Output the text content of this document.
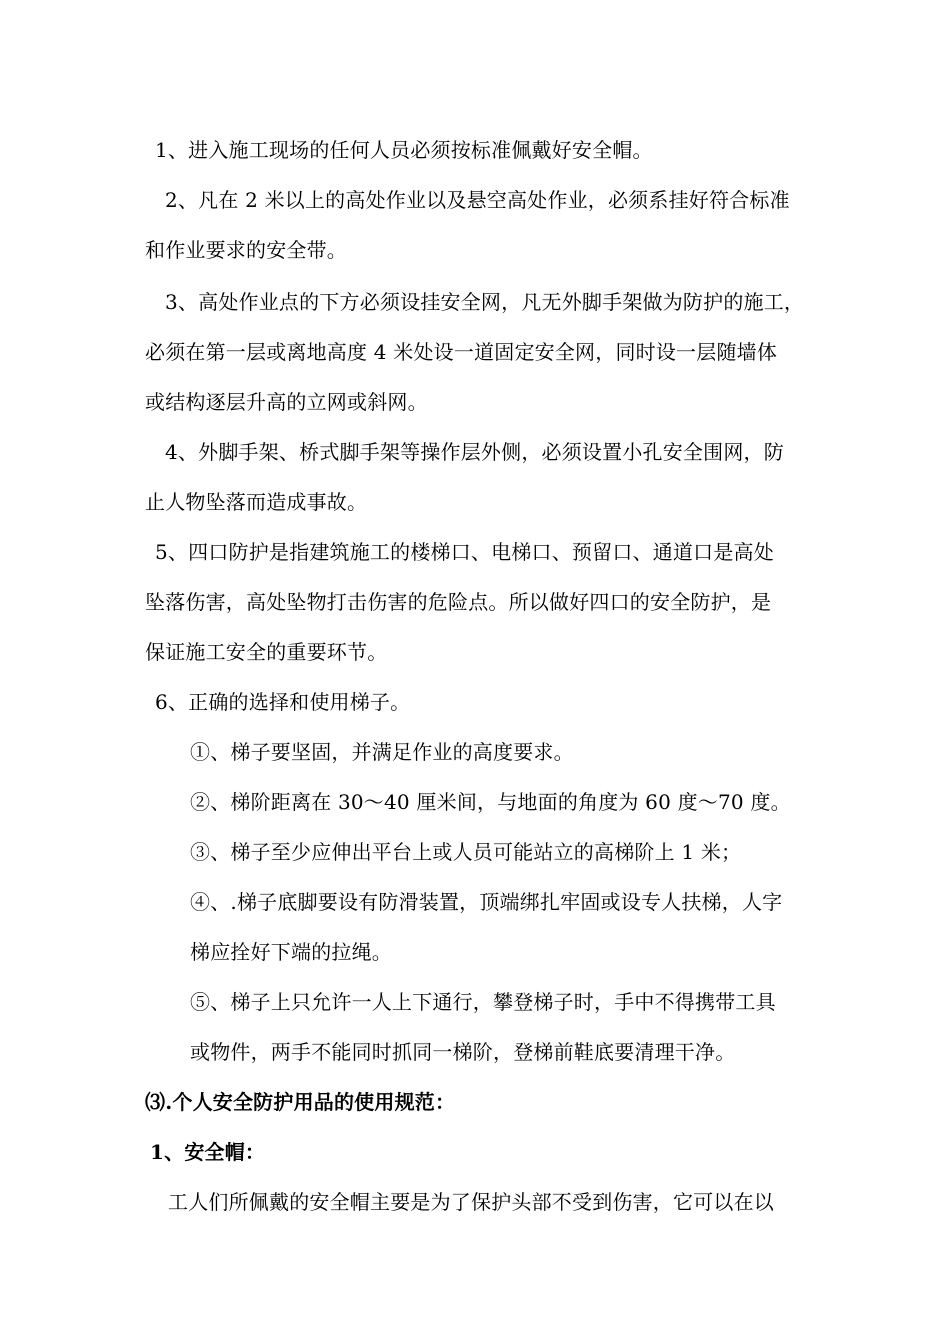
1、进入施工现场的任何人员必须按标准佩戴好安全帽。
2、凡在 2 米以上的高处作业以及悬空高处作业，必须系挂好符合标准
和作业要求的安全带。
3、高处作业点的下方必须设挂安全网，凡无外脚手架做为防护的施工，
必须在第一层或离地高度 4 米处设一道固定安全网，同时设一层随墙体
或结构逐层升高的立网或斜网。
4、外脚手架、桥式脚手架等操作层外侧，必须设置小孔安全围网，防
止人物坠落而造成事故。
5、四口防护是指建筑施工的楼梯口、电梯口、预留口、通道口是高处
坠落伤害，高处坠物打击伤害的危险点。所以做好四口的安全防护，是
保证施工安全的重要环节。
6、正确的选择和使用梯子。
①、梯子要坚固，并满足作业的高度要求。
②、梯阶距离在 30～40 厘米间，与地面的角度为 60 度～70 度。
③、梯子至少应伸出平台上或人员可能站立的高梯阶上 1 米；
④、.梯子底脚要设有防滑装置，顶端绑扎牢固或设专人扶梯，人字
梯应拴好下端的拉绳。
⑤、梯子上只允许一人上下通行，攀登梯子时，手中不得携带工具
或物件，两手不能同时抓同一梯阶，登梯前鞋底要清理干净。
⑶.个人安全防护用品的使用规范：
1、安全帽：
工人们所佩戴的安全帽主要是为了保护头部不受到伤害，它可以在以
